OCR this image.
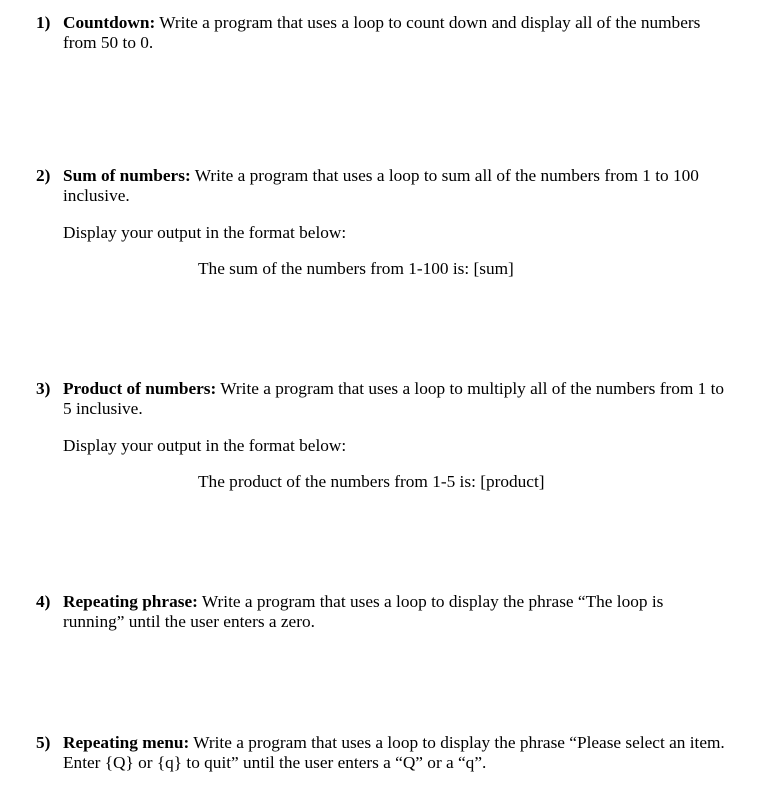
1) Countdown: Write a program that uses a loop to count down and display all of the numbers
from 50 to 0.
2) Sum of numbers: Write a program that uses a loop to sum all of the numbers from 1 to 100
inclusive.
Display your output in the format below:
The sum of the numbers from 1-100 is: [sum]
3) Product of numbers: Write a program that uses a loop to multiply all of the numbers from 1 to
5 inclusive.
Display your output in the format below:
The product of the numbers from 1-5 is: [product]
4) Repeating phrase: Write a program that uses a loop to display the phrase “The loop is
running” until the user enters a zero.
5) Repeating menu: Write a program that uses a loop to display the phrase “Please select an item.
Enter {Q} or {q} to quit” until the user enters a “Q” or a “q”.
